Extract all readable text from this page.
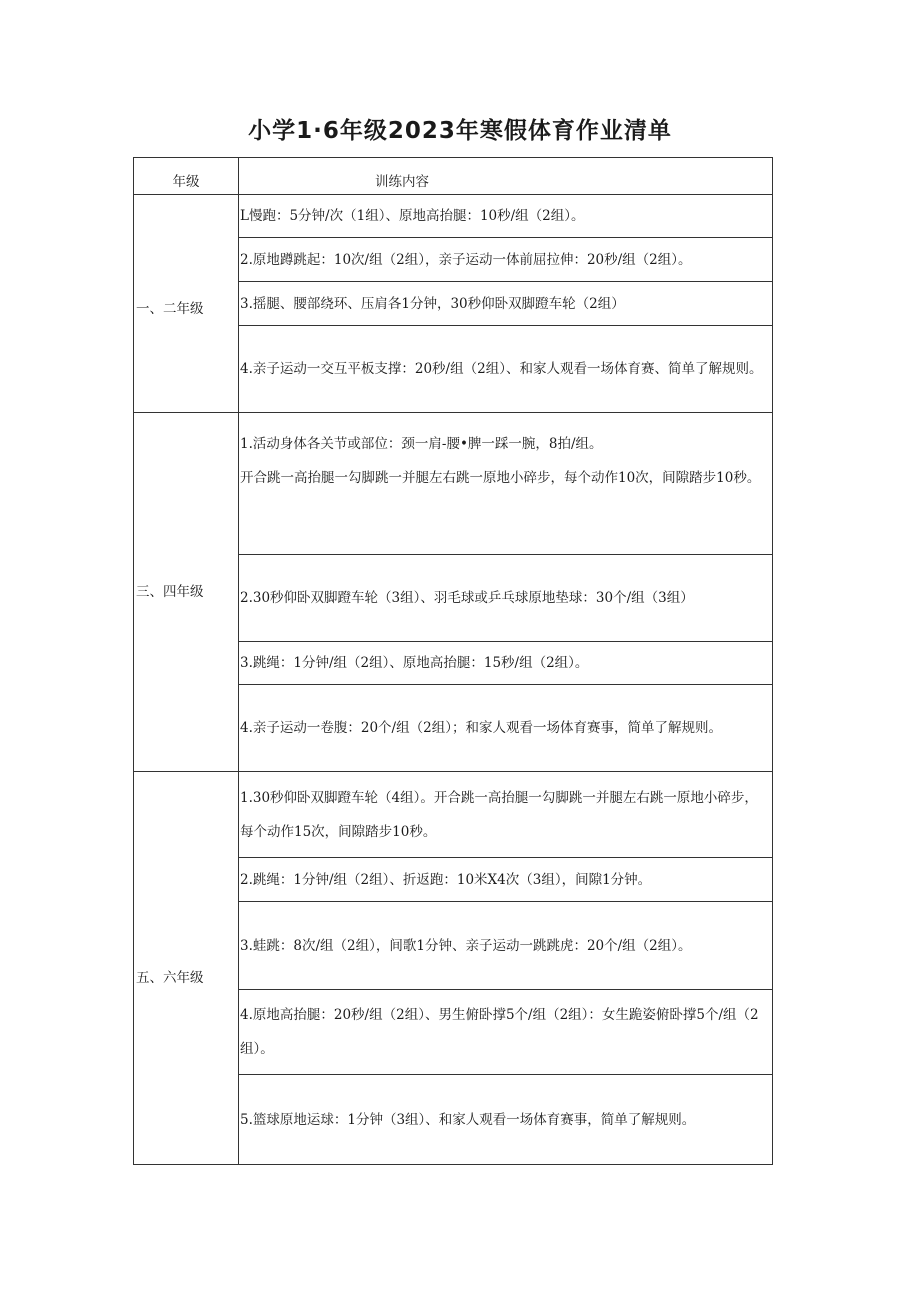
小学1·6年级2023年寒假体育作业清单
年级	训练内容
一、二年级	L慢跑：5分钟/次（1组）、原地高抬腿：10秒/组（2组）。
	2.原地蹲跳起：10次/组（2组），亲子运动一体前屈拉伸：20秒/组（2组）。
	3.摇腿、腰部绕环、压肩各1分钟，30秒仰卧双脚蹬车轮（2组）
	4.亲子运动一交互平板支撑：20秒/组（2组）、和家人观看一场体育赛、简单了解规则。
三、四年级	1.活动身体各关节或部位：颈一肩-腰•脾一踩一腕，8拍/组。
开合跳一高抬腿一勾脚跳一并腿左右跳一原地小碎步，每个动作10次，间隙踏步10秒。
	2.30秒仰卧双脚蹬车轮（3组）、羽毛球或乒乓球原地垫球：30个/组（3组）
	3.跳绳：1分钟/组（2组）、原地高抬腿：15秒/组（2组）。
	4.亲子运动一卷腹：20个/组（2组）；和家人观看一场体育赛事，简单了解规则。
五、六年级	1.30秒仰卧双脚蹬车轮（4组）。开合跳一高抬腿一勾脚跳一并腿左右跳一原地小碎步，每个动作15次，间隙踏步10秒。
	2.跳绳：1分钟/组（2组）、折返跑：10米X4次（3组），间隙1分钟。
	3.蛙跳：8次/组（2组），间歌1分钟、亲子运动一跳跳虎：20个/组（2组）。
	4.原地高抬腿：20秒/组（2组）、男生俯卧撑5个/组（2组）：女生跪姿俯卧撑5个/组（2组）。
	5.篮球原地运球：1分钟（3组）、和家人观看一场体育赛事，简单了解规则。
